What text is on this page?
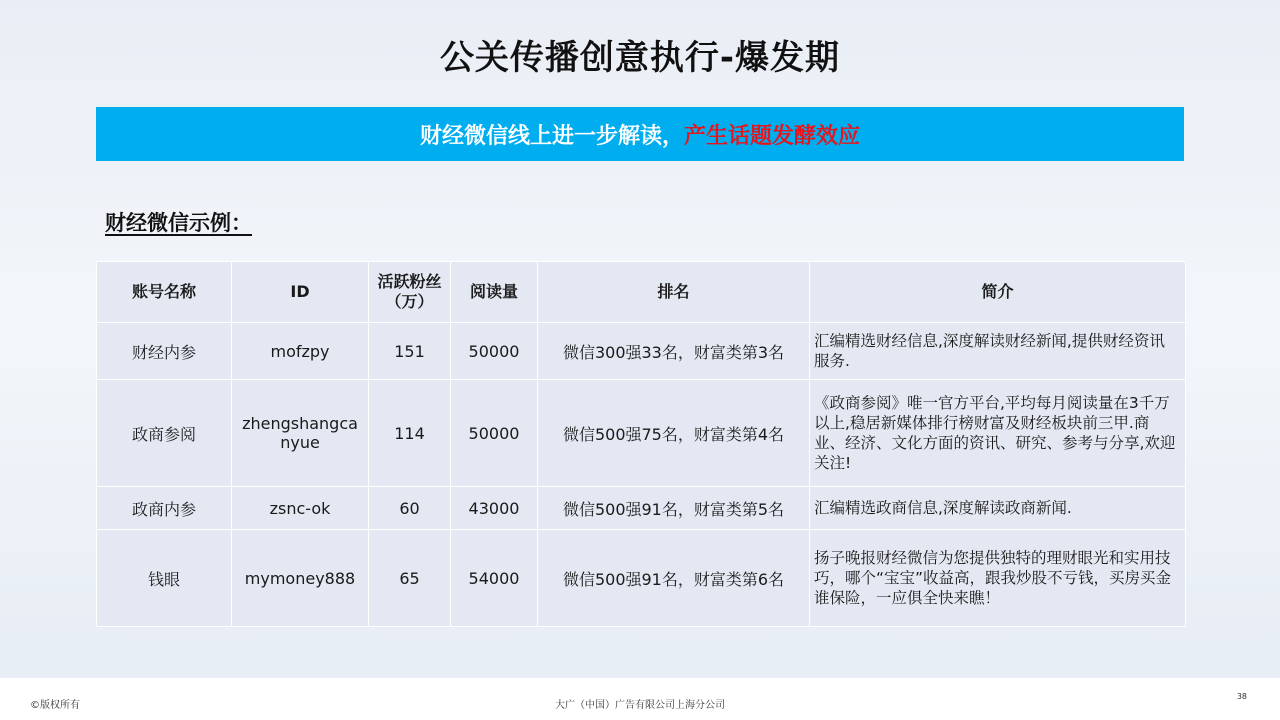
公关传播创意执行-爆发期
财经微信线上进一步解读， 产生话题发酵效应
财经微信示例：
账号名称	ID	活跃粉丝（万）	阅读量	排名	简介
财经内参	mofzpy	151	50000	微信300强33名，财富类第3名	汇编精选财经信息,深度解读财经新闻,提供财经资讯服务.
政商参阅	zhengshangcanyue	114	50000	微信500强75名，财富类第4名	《政商参阅》唯一官方平台,平均每月阅读量在3千万以上,稳居新媒体排行榜财富及财经板块前三甲.商业、经济、文化方面的资讯、研究、参考与分享,欢迎关注!
政商内参	zsnc-ok	60	43000	微信500强91名，财富类第5名	汇编精选政商信息,深度解读政商新闻.
钱眼	mymoney888	65	54000	微信500强91名，财富类第6名	扬子晚报财经微信为您提供独特的理财眼光和实用技巧，哪个“宝宝”收益高，跟我炒股不亏钱，买房买金谁保险，一应俱全快来瞧！
©版权所有	大广（中国）广告有限公司上海分公司
38
